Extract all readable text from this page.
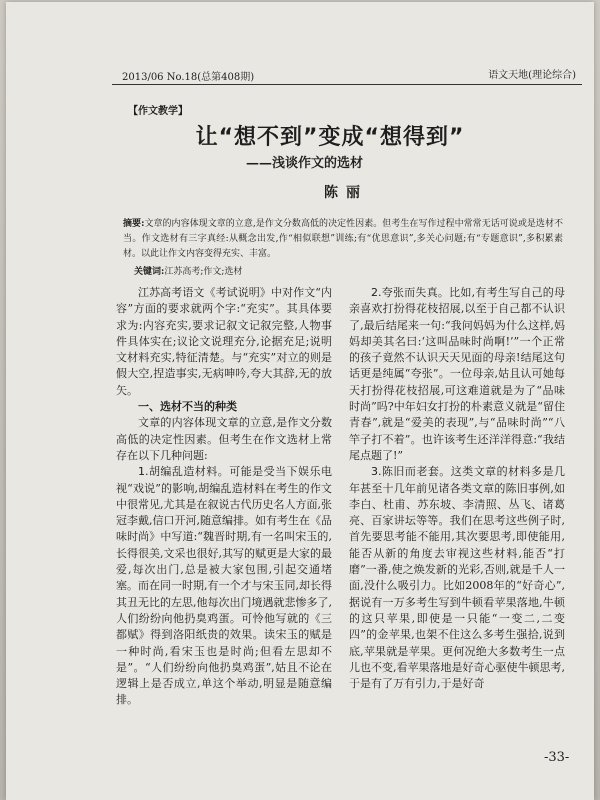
2013/06 No.18(总第408期)	语文天地(理论综合)
【作文教学】
让“想不到”变成“想得到”
——浅谈作文的选材
陈丽
摘要:文章的内容体现文章的立意,是作文分数高低的决定性因素。但考生在写作过程中常常无话可说或是选材不当。作文选材有三字真经:从概念出发,作“相似联想”训练;有“优思意识”,多关心问题;有“专题意识”,多积累素材。以此让作文内容变得充实、丰富。
关键词:江苏高考;作文;选材

江苏高考语文《考试说明》中对作文“内容”方面的要求就两个字:“充实”。其具体要求为:内容充实,要求记叙文记叙完整,人物事件具体实在;议论文说理充分,论据充足;说明文材料充实,特征清楚。与“充实”对立的则是假大空,捏造事实,无病呻吟,夸大其辞,无的放矢。

一、选材不当的种类

文章的内容体现文章的立意,是作文分数高低的决定性因素。但考生在作文选材上常存在以下几种问题:

1.胡编乱造材料。可能是受当下娱乐电视“戏说”的影响,胡编乱造材料在考生的作文中很常见,尤其是在叙说古代历史名人方面,张冠李戴,信口开河,随意编排。如有考生在《品味时尚》中写道:“魏晋时期,有一名叫宋玉的,长得很美,文采也很好,其写的赋更是大家的最爱,每次出门,总是被大家包围,引起交通堵塞。而在同一时期,有一个才与宋玉同,却长得其丑无比的左思,他每次出门境遇就悲惨多了,人们纷纷向他扔臭鸡蛋。可怜他写就的《三都赋》得到洛阳纸贵的效果。读宋玉的赋是一种时尚,看宋玉也是时尚;但看左思却不是”。“人们纷纷向他扔臭鸡蛋”,姑且不论在逻辑上是否成立,单这个举动,明显是随意编排。

2.夸张而失真。比如,有考生写自己的母亲喜欢打扮得花枝招展,以至于自己都不认识了,最后结尾来一句:“我问妈妈为什么这样,妈妈却美其名曰:‘这叫品味时尚啊!’”一个正常的孩子竟然不认识天天见面的母亲!结尾这句话更是纯属“夸张”。一位母亲,姑且认可她每天打扮得花枝招展,可这难道就是为了“品味时尚”吗?中年妇女打扮的朴素意义就是“留住青春”,就是“爱美的表现”,与“品味时尚”“八竿子打不着”。也许该考生还洋洋得意:“我结尾点题了!”

3.陈旧而老套。这类文章的材料多是几年甚至十几年前见诸各类文章的陈旧事例,如李白、杜甫、苏东坡、李清照、丛飞、诸葛亮、百家讲坛等等。我们在思考这些例子时,首先要思考能不能用,其次要思考,即使能用,能否从新的角度去审视这些材料,能否“打磨”一番,使之焕发新的光彩,否则,就是千人一面,没什么吸引力。比如2008年的“好奇心”,据说有一万多考生写到牛顿看苹果落地,牛顿的这只苹果,即使是一只能“一变二,二变四”的金苹果,也架不住这么多考生强拾,说到底,苹果就是苹果。更何况绝大多数考生一点儿也不变,看苹果落地是好奇心驱使牛顿思考,于是有了万有引力,于是好奇

-33-
